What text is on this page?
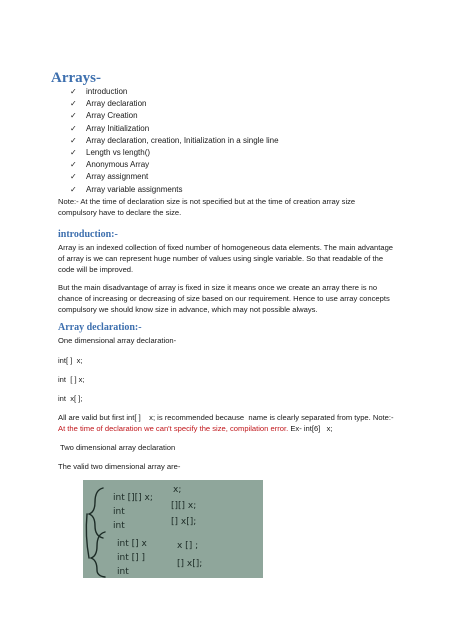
Arrays-
✓ introduction
✓ Array declaration
✓ Array Creation
✓ Array Initialization
✓ Array declaration, creation, Initialization in a single line
✓ Length vs length()
✓ Anonymous Array
✓ Array assignment
✓ Array variable assignments
Note:- At the time of declaration size is not specified but at the time of creation array size
compulsory have to declare the size.
introduction:-
Array is an indexed collection of fixed number of homogeneous data elements. The main advantage
of array is we can represent huge number of values using single variable. So that readable of the
code will be improved.
But the main disadvantage of array is fixed in size it means once we create an array there is no
chance of increasing or decreasing of size based on our requirement. Hence to use array concepts
compulsory we should know size in advance, which may not possible always.
Array declaration:-
One dimensional array declaration-
int[ ]  x;
int  [ ] x;
int  x[ ];
All are valid but first int[ ]    x; is recommended because  name is clearly separated from type. Note:-
At the time of declaration we can't specify the size, compilation error. Ex- int[6]   x;
Two dimensional array declaration
The valid two dimensional array are-
int [][] x;
int
int
x;
[][] x;
[] x[];
int [] x
int [] ]
int
x [] ;
[] x[];
